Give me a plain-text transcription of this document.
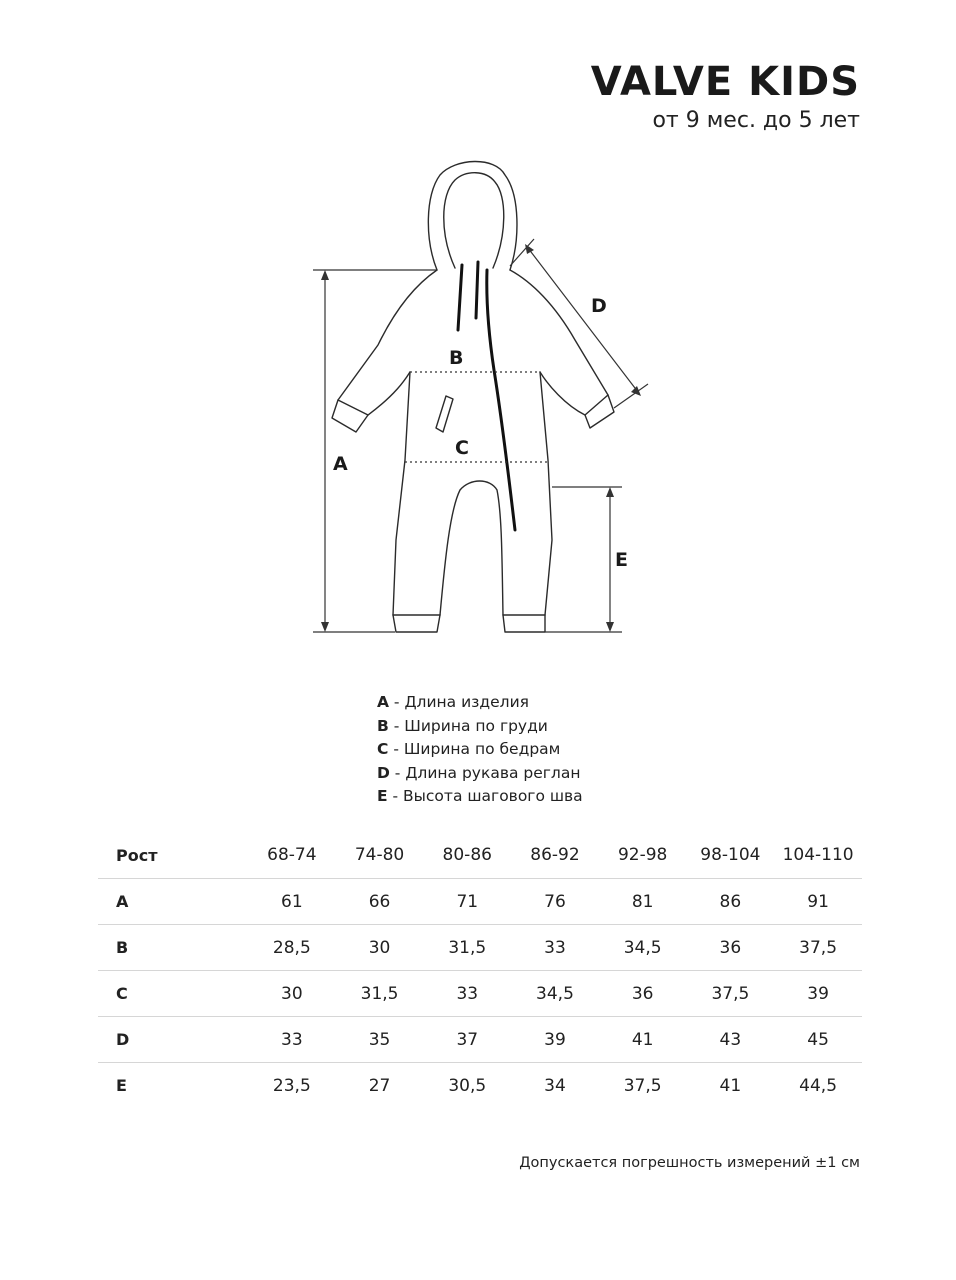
VALVE KIDS
от 9 мес. до 5 лет
A
B
C
D
E
A - Длина изделия
B - Ширина по груди
C - Ширина по бедрам
D - Длина рукава реглан
E - Высота шагового шва
Рост	68-74	74-80	80-86	86-92	92-98	98-104	104-110
A	61	66	71	76	81	86	91
B	28,5	30	31,5	33	34,5	36	37,5
C	30	31,5	33	34,5	36	37,5	39
D	33	35	37	39	41	43	45
E	23,5	27	30,5	34	37,5	41	44,5
Допускается погрешность измерений ±1 см
